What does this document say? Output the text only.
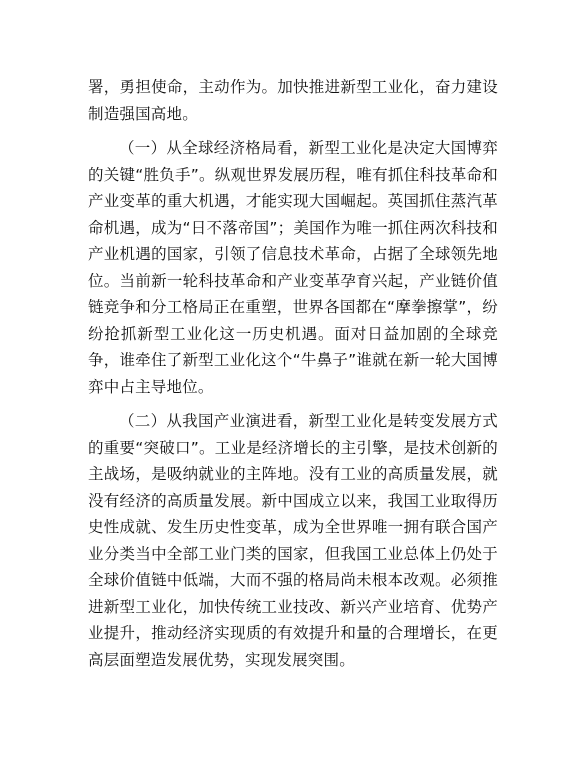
署，勇担使命，主动作为。加快推进新型工业化，奋力建设制造强国高地。

（一）从全球经济格局看，新型工业化是决定大国博弈的关键“胜负手”。纵观世界发展历程，唯有抓住科技革命和产业变革的重大机遇，才能实现大国崛起。英国抓住蒸汽革命机遇，成为“日不落帝国”；美国作为唯一抓住两次科技和产业机遇的国家，引领了信息技术革命，占据了全球领先地位。当前新一轮科技革命和产业变革孕育兴起，产业链价值链竞争和分工格局正在重塑，世界各国都在“摩拳擦掌”，纷纷抢抓新型工业化这一历史机遇。面对日益加剧的全球竞争，谁牵住了新型工业化这个“牛鼻子”谁就在新一轮大国博弈中占主导地位。

（二）从我国产业演进看，新型工业化是转变发展方式的重要“突破口”。工业是经济增长的主引擎，是技术创新的主战场，是吸纳就业的主阵地。没有工业的高质量发展，就没有经济的高质量发展。新中国成立以来，我国工业取得历史性成就、发生历史性变革，成为全世界唯一拥有联合国产业分类当中全部工业门类的国家，但我国工业总体上仍处于全球价值链中低端，大而不强的格局尚未根本改观。必须推进新型工业化，加快传统工业技改、新兴产业培育、优势产业提升，推动经济实现质的有效提升和量的合理增长，在更高层面塑造发展优势，实现发展突围。
